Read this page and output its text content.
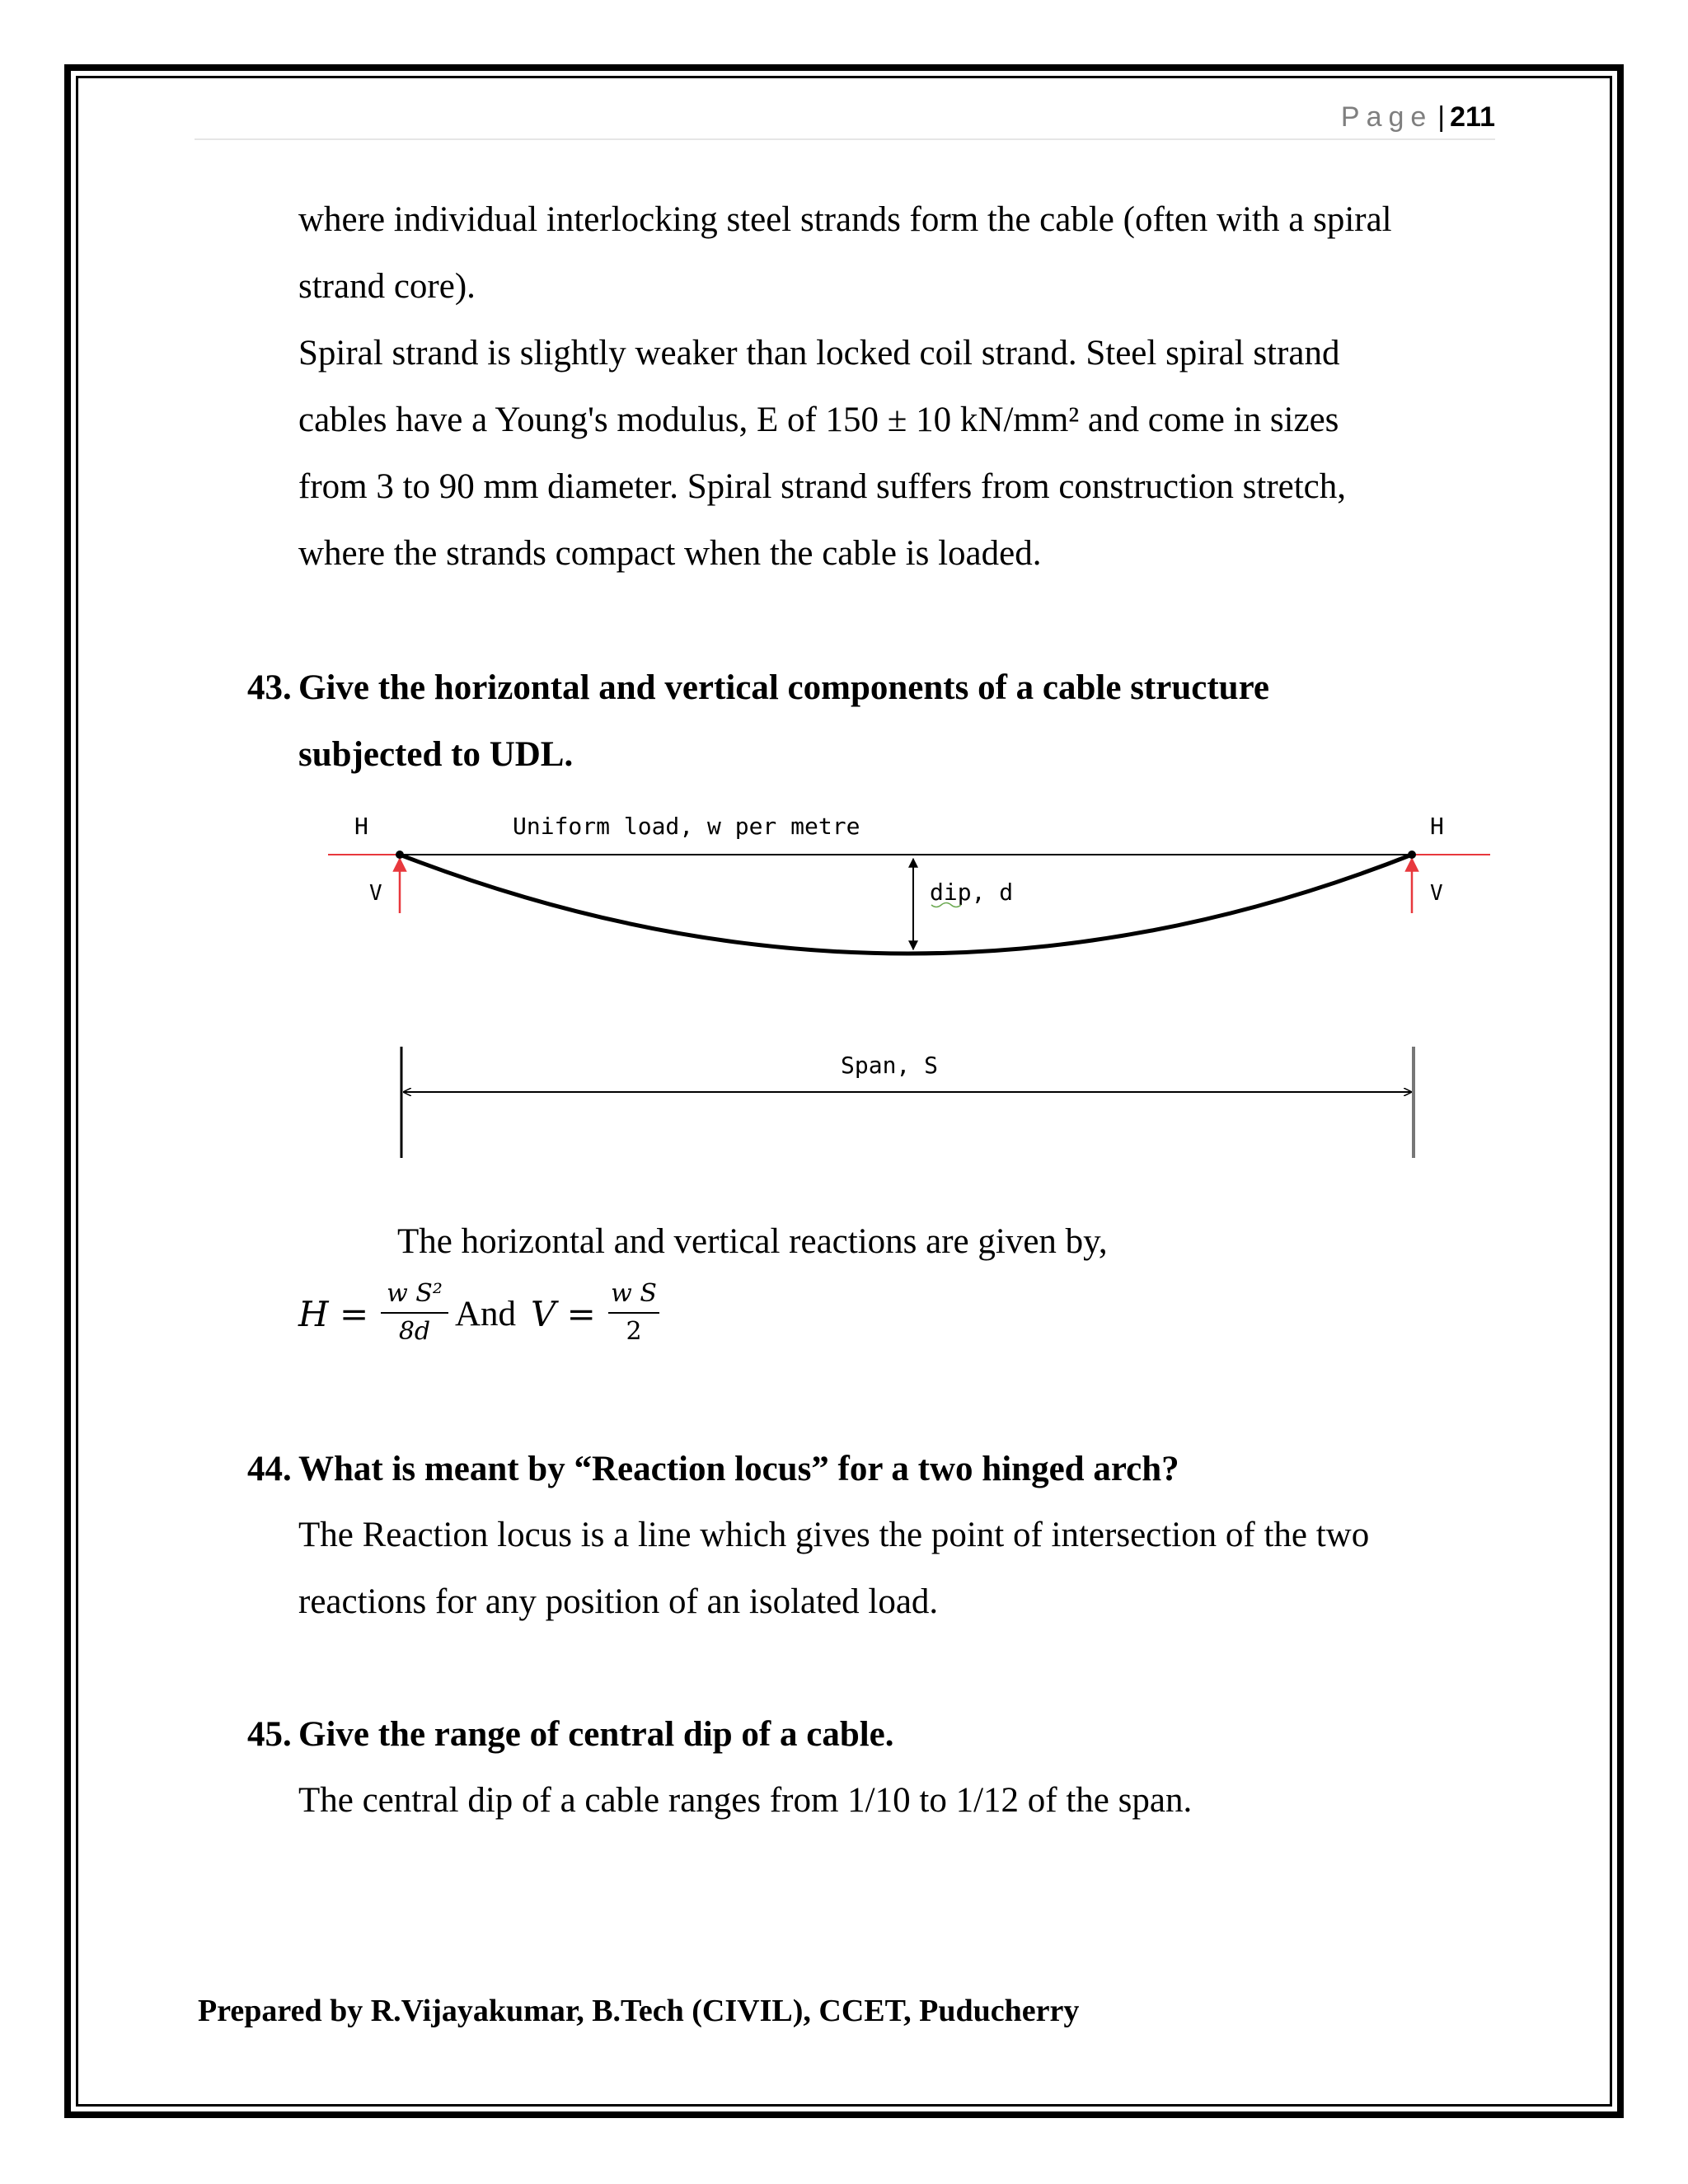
Page | 211

where individual interlocking steel strands form the cable (often with a spiral
strand core).
Spiral strand is slightly weaker than locked coil strand. Steel spiral strand
cables have a Young's modulus, E of 150 ± 10 kN/mm² and come in sizes
from 3 to 90 mm diameter. Spiral strand suffers from construction stretch,
where the strands compact when the cable is loaded.

43. Give the horizontal and vertical components of a cable structure
subjected to UDL.

H	H
V	V
Uniform load, w per metre
dip, d
Span, S

The horizontal and vertical reactions are given by,

H =
w S²
8d And V =
w S
2

44. What is meant by “Reaction locus” for a two hinged arch?

The Reaction locus is a line which gives the point of intersection of the two
reactions for any position of an isolated load.

45. Give the range of central dip of a cable.

The central dip of a cable ranges from 1/10 to 1/12 of the span.

Prepared by R.Vijayakumar, B.Tech (CIVIL), CCET, Puducherry
